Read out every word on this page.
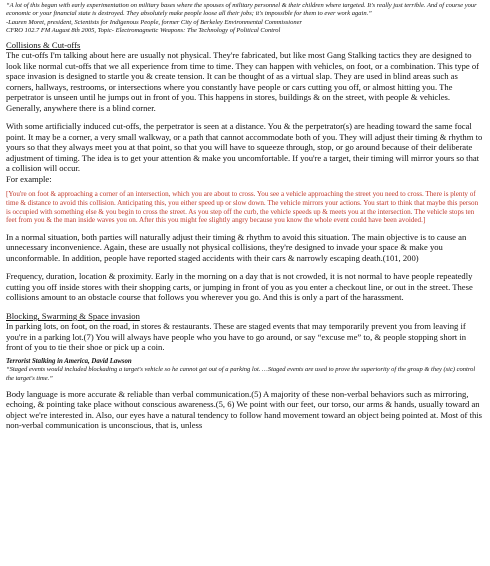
“A lot of this began with early experimentation on military bases where the spouses of military personnel & their children where targeted. It's really just terrible. And of course your economic or your financial state is destroyed. They absolutely make people loose all their jobs; it's impossible for them to ever work again.”

-Lauren Moret, president, Scientists for Indigenous People, former City of Berkeley Environmental Commissioner

CFRO 102.7 FM August 8th 2005, Topic- Electromagnetic Weapons: The Technology of Political Control

Collisions & Cut-offs

The cut-offs I'm talking about here are usually not physical. They're fabricated, but like most Gang Stalking tactics they are designed to look like normal cut-offs that we all experience from time to time. They can happen with vehicles, on foot, or a combination. This type of space invasion is designed to startle you & create tension. It can be thought of as a virtual slap. They are used in blind areas such as corners, hallways, restrooms, or intersections where you constantly have people or cars cutting you off, or almost hitting you. The perpetrator is unseen until he jumps out in front of you. This happens in stores, buildings & on the street, with people & vehicles. Generally, anywhere there is a blind corner.

With some artificially induced cut-offs, the perpetrator is seen at a distance. You & the perpetrator(s) are heading toward the same focal point. It may be a corner, a very small walkway, or a path that cannot accommodate both of you. They will adjust their timing & rhythm to yours so that they always meet you at that point, so that you will have to squeeze through, stop, or go around because of their deliberate adjustment of timing. The idea is to get your attention & make you uncomfortable. If you're a target, their timing will mirror yours so that a collision will occur.

For example:

[You're on foot & approaching a corner of an intersection, which you are about to cross. You see a vehicle approaching the street you need to cross. There is plenty of time & distance to avoid this collision. Anticipating this, you either speed up or slow down. The vehicle mirrors your actions. You start to think that maybe this person is occupied with something else & you begin to cross the street. As you step off the curb, the vehicle speeds up & meets you at the intersection. The vehicle stops ten feet from you & the man inside waves you on. After this you might fee slightly angry because you know the whole event could have been avoided.]

In a normal situation, both parties will naturally adjust their timing & rhythm to avoid this situation. The main objective is to cause an unnecessary inconvenience. Again, these are usually not physical collisions, they're designed to invade your space & make you unconformable. In addition, people have reported staged accidents with their cars & narrowly escaping death.(101, 200)

Frequency, duration, location & proximity. Early in the morning on a day that is not crowded, it is not normal to have people repeatedly cutting you off inside stores with their shopping carts, or jumping in front of you as you enter a checkout line, or out in the street. These collisions amount to an obstacle course that follows you wherever you go. And this is only a part of the harassment.

Blocking, Swarming & Space invasion

In parking lots, on foot, on the road, in stores & restaurants. These are staged events that may temporarily prevent you from leaving if you're in a parking lot.(7) You will always have people who you have to go around, or say “excuse me” to, & people stopping short in front of you to tie their shoe or pick up a coin.

Terrorist Stalking in America, David Lawson

“Staged events would included blockading a target's vehicle so he cannot get out of a parking lot. …Staged events are used to prove the superiority of the group & they (sic) control the target's time.”

Body language is more accurate & reliable than verbal communication.(5) A majority of these non-verbal behaviors such as mirroring, echoing, & pointing take place without conscious awareness.(5, 6) We point with our feet, our torso, our arms & hands, usually toward an object we're interested in. Also, our eyes have a natural tendency to follow hand movement toward an object being pointed at. Most of this non-verbal communication is unconscious, that is, unless
